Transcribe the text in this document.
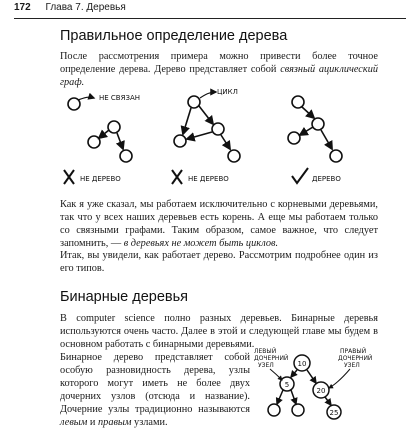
172 Глава 7. Деревья
Правильное определение дерева
После рассмотрения примера можно привести более точное определение дерева. Дерево представляет собой связный ациклический граф.
НЕ СВЯЗАН
ЦИКЛ
НЕ ДЕРЕВО	НЕ ДЕРЕВО	ДЕРЕВО
Как я уже сказал, мы работаем исключительно с корневыми деревьями, так что у всех наших деревьев есть корень. А еще мы работаем только со связными графами. Таким образом, самое важное, что следует запомнить, — в деревьях не может быть циклов.
Итак, вы увидели, как работает дерево. Рассмотрим подробнее один из его типов.
Бинарные деревья
В computer science полно разных деревьев. Бинарные деревья используются очень часто. Далее в этой и следующей главе мы будем в основном работать с бинарными деревьями.
Бинарное дерево представляет собой особую разновидность дерева, узлы которого могут иметь не более двух дочерних узлов (отсюда и название). Дочерние узлы традиционно называются левым и правым узлами.
ЛЕВЫЙ
ДОЧЕРНИЙ
УЗЕЛ
ПРАВЫЙ
ДОЧЕРНИЙ
УЗЕЛ
10
5
20
25
